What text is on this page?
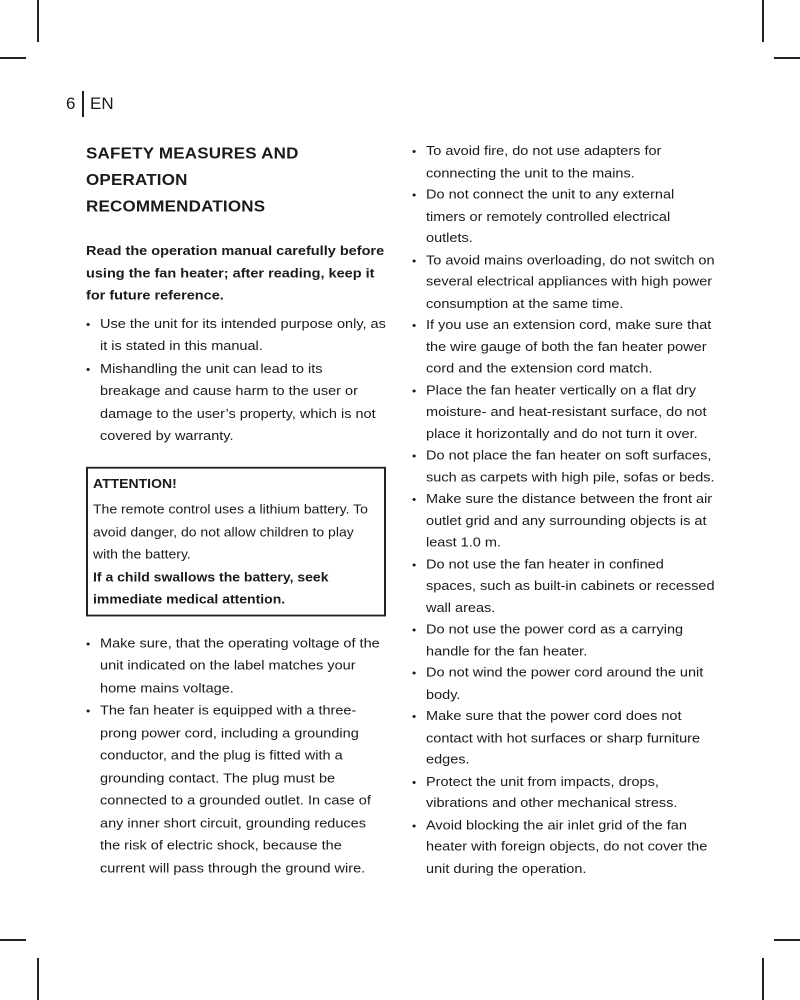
6 EN
SAFETY MEASURES AND OPERATION
RECOMMENDATIONS
Read the operation manual carefully before using the fan heater; after reading, keep it for future reference.
• Use the unit for its intended purpose only, as it is stated in this manual.
• Mishandling the unit can lead to its breakage and cause harm to the user or damage to the user’s property, which is not covered by warranty.
ATTENTION!
The remote control uses a lithium battery. To avoid danger, do not allow children to play with the battery.
If a child swallows the battery, seek immediate medical attention.
• Make sure, that the operating voltage of the unit indicated on the label matches your home mains voltage.
• The fan heater is equipped with a three-prong power cord, including a grounding conductor, and the plug is fitted with a grounding contact. The plug must be connected to a grounded outlet. In case of any inner short circuit, grounding reduces the risk of electric shock, because the current will pass through the ground wire.
• To avoid fire, do not use adapters for connecting the unit to the mains.
• Do not connect the unit to any external timers or remotely controlled electrical outlets.
• To avoid mains overloading, do not switch on several electrical appliances with high power consumption at the same time.
• If you use an extension cord, make sure that the wire gauge of both the fan heater power cord and the extension cord match.
• Place the fan heater vertically on a flat dry moisture- and heat-resistant surface, do not place it horizontally and do not turn it over.
• Do not place the fan heater on soft surfaces, such as carpets with high pile, sofas or beds.
• Make sure the distance between the front air outlet grid and any surrounding objects is at least 1.0 m.
• Do not use the fan heater in confined spaces, such as built-in cabinets or recessed wall areas.
• Do not use the power cord as a carrying handle for the fan heater.
• Do not wind the power cord around the unit body.
• Make sure that the power cord does not contact with hot surfaces or sharp furniture edges.
• Protect the unit from impacts, drops, vibrations and other mechanical stress.
• Avoid blocking the air inlet grid of the fan heater with foreign objects, do not cover the unit during the operation.
